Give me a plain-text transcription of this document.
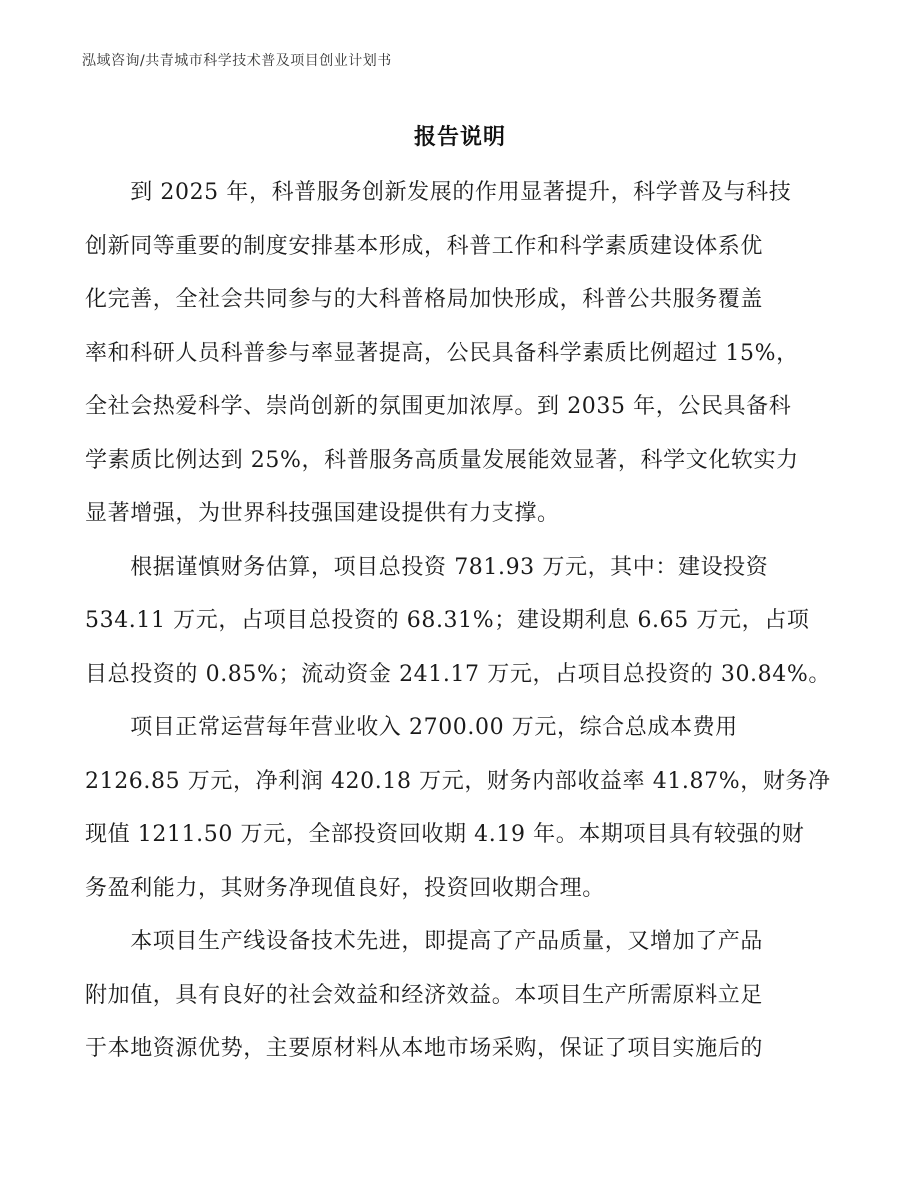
泓域咨询/共青城市科学技术普及项目创业计划书
报告说明
　　到 2025 年，科普服务创新发展的作用显著提升，科学普及与科技
创新同等重要的制度安排基本形成，科普工作和科学素质建设体系优
化完善，全社会共同参与的大科普格局加快形成，科普公共服务覆盖
率和科研人员科普参与率显著提高，公民具备科学素质比例超过 15%，
全社会热爱科学、崇尚创新的氛围更加浓厚。到 2035 年，公民具备科
学素质比例达到 25%，科普服务高质量发展能效显著，科学文化软实力
显著增强，为世界科技强国建设提供有力支撑。
　　根据谨慎财务估算，项目总投资 781.93 万元，其中：建设投资
534.11 万元，占项目总投资的 68.31%；建设期利息 6.65 万元，占项
目总投资的 0.85%；流动资金 241.17 万元，占项目总投资的 30.84%。
　　项目正常运营每年营业收入 2700.00 万元，综合总成本费用
2126.85 万元，净利润 420.18 万元，财务内部收益率 41.87%，财务净
现值 1211.50 万元，全部投资回收期 4.19 年。本期项目具有较强的财
务盈利能力，其财务净现值良好，投资回收期合理。
　　本项目生产线设备技术先进，即提高了产品质量，又增加了产品
附加值，具有良好的社会效益和经济效益。本项目生产所需原料立足
于本地资源优势，主要原材料从本地市场采购，保证了项目实施后的
